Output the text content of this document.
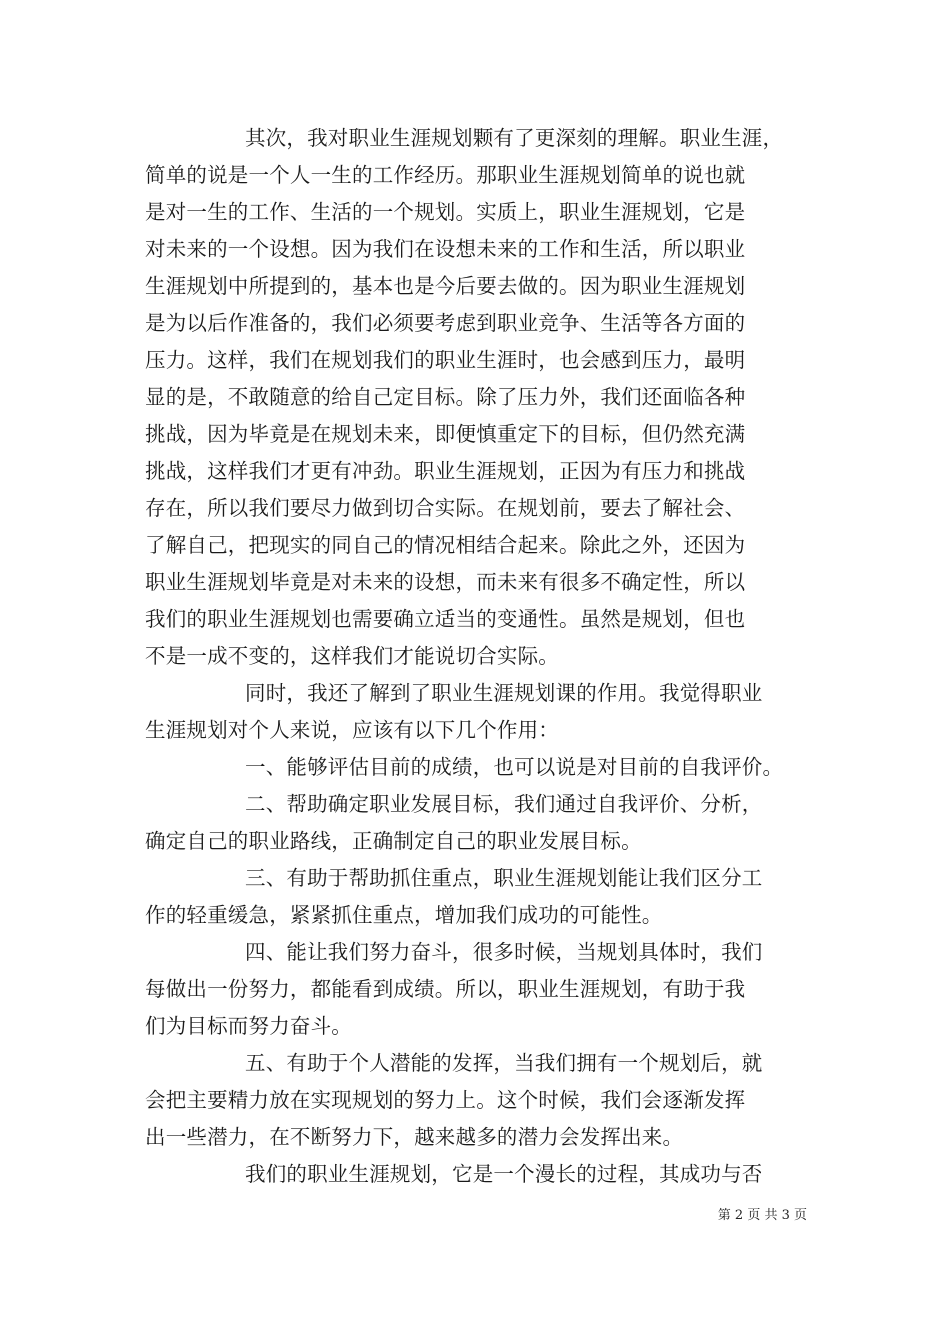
其次，我对职业生涯规划颗有了更深刻的理解。职业生涯，
简单的说是一个人一生的工作经历。那职业生涯规划简单的说也就
是对一生的工作、生活的一个规划。实质上，职业生涯规划，它是
对未来的一个设想。因为我们在设想未来的工作和生活，所以职业
生涯规划中所提到的，基本也是今后要去做的。因为职业生涯规划
是为以后作准备的，我们必须要考虑到职业竞争、生活等各方面的
压力。这样，我们在规划我们的职业生涯时，也会感到压力，最明
显的是，不敢随意的给自己定目标。除了压力外，我们还面临各种
挑战，因为毕竟是在规划未来，即便慎重定下的目标，但仍然充满
挑战，这样我们才更有冲劲。职业生涯规划，正因为有压力和挑战
存在，所以我们要尽力做到切合实际。在规划前，要去了解社会、
了解自己，把现实的同自己的情况相结合起来。除此之外，还因为
职业生涯规划毕竟是对未来的设想，而未来有很多不确定性，所以
我们的职业生涯规划也需要确立适当的变通性。虽然是规划，但也
不是一成不变的，这样我们才能说切合实际。
同时，我还了解到了职业生涯规划课的作用。我觉得职业
生涯规划对个人来说，应该有以下几个作用：
一、能够评估目前的成绩，也可以说是对目前的自我评价。
二、帮助确定职业发展目标，我们通过自我评价、分析，
确定自己的职业路线，正确制定自己的职业发展目标。
三、有助于帮助抓住重点，职业生涯规划能让我们区分工
作的轻重缓急，紧紧抓住重点，增加我们成功的可能性。
四、能让我们努力奋斗，很多时候，当规划具体时，我们
每做出一份努力，都能看到成绩。所以，职业生涯规划，有助于我
们为目标而努力奋斗。
五、有助于个人潜能的发挥，当我们拥有一个规划后，就
会把主要精力放在实现规划的努力上。这个时候，我们会逐渐发挥
出一些潜力，在不断努力下，越来越多的潜力会发挥出来。
我们的职业生涯规划，它是一个漫长的过程，其成功与否
第 2 页 共 3 页
